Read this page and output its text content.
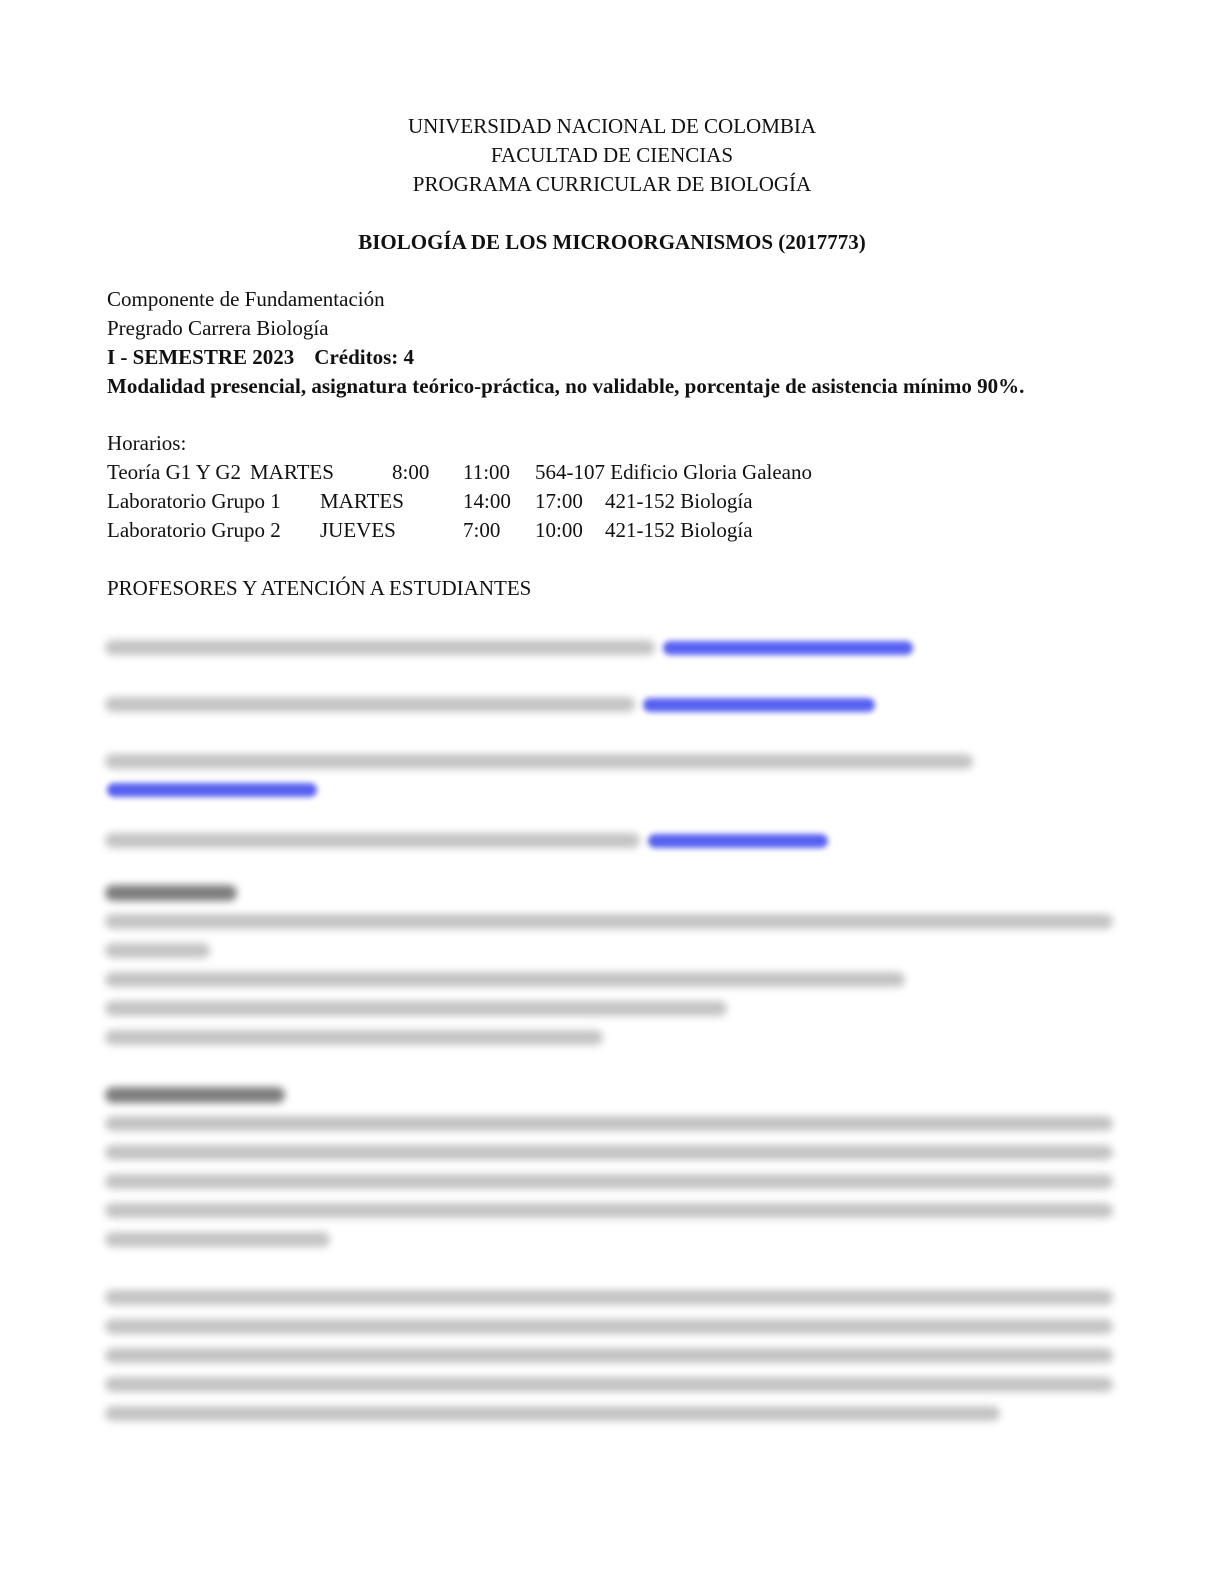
UNIVERSIDAD NACIONAL DE COLOMBIA
FACULTAD DE CIENCIAS
PROGRAMA CURRICULAR DE BIOLOGÍA
BIOLOGÍA DE LOS MICROORGANISMOS (2017773)
Componente de Fundamentación
Pregrado Carrera Biología
I - SEMESTRE 2023 Créditos: 4
Modalidad presencial, asignatura teórico-práctica, no validable, porcentaje de asistencia mínimo 90%.
Horarios:
Teoría G1 Y G2 MARTES	8:00 11:00 564-107 Edificio Gloria Galeano
Laboratorio Grupo 1 MARTES	14:00 17:00 421-152 Biología
Laboratorio Grupo 2 JUEVES	7:00 10:00 421-152 Biología
PROFESORES Y ATENCIÓN A ESTUDIANTES
